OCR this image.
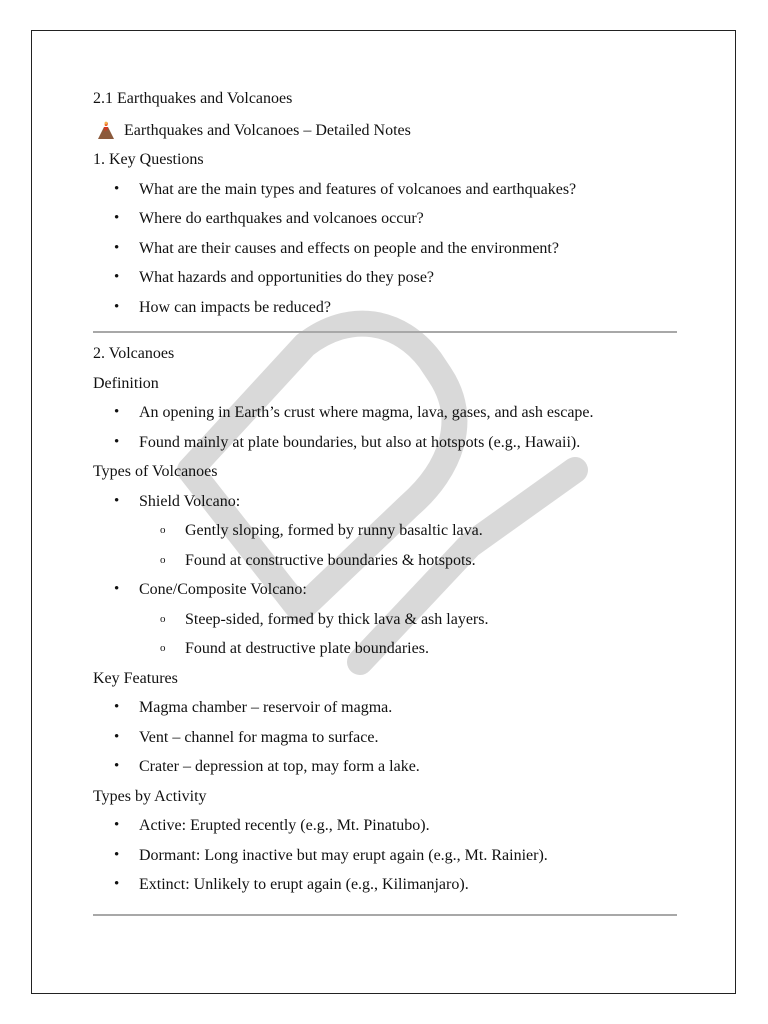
2.1 Earthquakes and Volcanoes

Earthquakes and Volcanoes – Detailed Notes

1. Key Questions

• What are the main types and features of volcanoes and earthquakes?
• Where do earthquakes and volcanoes occur?
• What are their causes and effects on people and the environment?
• What hazards and opportunities do they pose?
• How can impacts be reduced?

2. Volcanoes

Definition

• An opening in Earth’s crust where magma, lava, gases, and ash escape.
• Found mainly at plate boundaries, but also at hotspots (e.g., Hawaii).

Types of Volcanoes

• Shield Volcano:
o Gently sloping, formed by runny basaltic lava.
o Found at constructive boundaries & hotspots.
• Cone/Composite Volcano:
o Steep-sided, formed by thick lava & ash layers.
o Found at destructive plate boundaries.

Key Features

• Magma chamber – reservoir of magma.
• Vent – channel for magma to surface.
• Crater – depression at top, may form a lake.

Types by Activity

• Active: Erupted recently (e.g., Mt. Pinatubo).
• Dormant: Long inactive but may erupt again (e.g., Mt. Rainier).
• Extinct: Unlikely to erupt again (e.g., Kilimanjaro).
